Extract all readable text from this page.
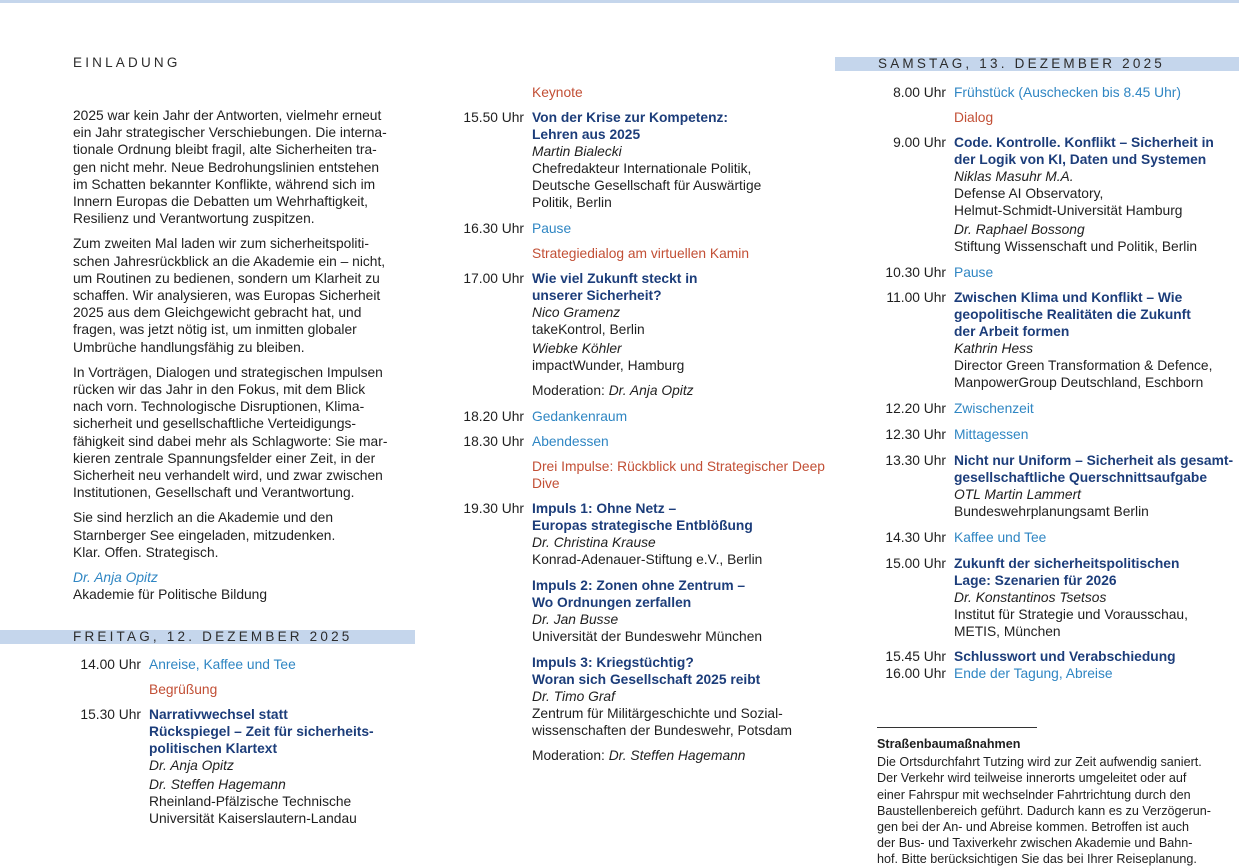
EINLADUNG

2025 war kein Jahr der Antworten, vielmehr erneut
ein Jahr strategischer Verschiebungen. Die interna-
tionale Ordnung bleibt fragil, alte Sicherheiten tra-
gen nicht mehr. Neue Bedrohungslinien entstehen
im Schatten bekannter Konflikte, während sich im
Innern Europas die Debatten um Wehrhaftigkeit,
Resilienz und Verantwortung zuspitzen.

Zum zweiten Mal laden wir zum sicherheitspoliti-
schen Jahresrückblick an die Akademie ein – nicht,
um Routinen zu bedienen, sondern um Klarheit zu
schaffen. Wir analysieren, was Europas Sicherheit
2025 aus dem Gleichgewicht gebracht hat, und
fragen, was jetzt nötig ist, um inmitten globaler
Umbrüche handlungsfähig zu bleiben.

In Vorträgen, Dialogen und strategischen Impulsen
rücken wir das Jahr in den Fokus, mit dem Blick
nach vorn. Technologische Disruptionen, Klima-
sicherheit und gesellschaftliche Verteidigungs-
fähigkeit sind dabei mehr als Schlagworte: Sie mar-
kieren zentrale Spannungsfelder einer Zeit, in der
Sicherheit neu verhandelt wird, und zwar zwischen
Institutionen, Gesellschaft und Verantwortung.

Sie sind herzlich an die Akademie und den
Starnberger See eingeladen, mitzudenken.
Klar. Offen. Strategisch.

Dr. Anja Opitz
Akademie für Politische Bildung
FREITAG, 12. DEZEMBER 2025
14.00 Uhr Anreise, Kaffee und Tee
Begrüßung
15.30 Uhr Narrativwechsel statt
Rückspiegel – Zeit für sicherheits-
politischen Klartext
Dr. Anja Opitz
Dr. Steffen Hagemann
Rheinland-Pfälzische Technische
Universität Kaiserslautern-Landau
Keynote
15.50 Uhr Von der Krise zur Kompetenz:
Lehren aus 2025
Martin Bialecki
Chefredakteur Internationale Politik,
Deutsche Gesellschaft für Auswärtige
Politik, Berlin
16.30 Uhr Pause
Strategiedialog am virtuellen Kamin
17.00 Uhr Wie viel Zukunft steckt in
unserer Sicherheit?
Nico Gramenz
takeKontrol, Berlin
Wiebke Köhler
impactWunder, Hamburg
Moderation: Dr. Anja Opitz
18.20 Uhr Gedankenraum
18.30 Uhr Abendessen
Drei Impulse: Rückblick und Strategischer Deep Dive
19.30 Uhr Impuls 1: Ohne Netz –
Europas strategische Entblößung
Dr. Christina Krause
Konrad-Adenauer-Stiftung e.V., Berlin
Impuls 2: Zonen ohne Zentrum –
Wo Ordnungen zerfallen
Dr. Jan Busse
Universität der Bundeswehr München
Impuls 3: Kriegstüchtig?
Woran sich Gesellschaft 2025 reibt
Dr. Timo Graf
Zentrum für Militärgeschichte und Sozial-
wissenschaften der Bundeswehr, Potsdam
Moderation: Dr. Steffen Hagemann
SAMSTAG, 13. DEZEMBER 2025
8.00 Uhr Frühstück (Auschecken bis 8.45 Uhr)
Dialog
9.00 Uhr Code. Kontrolle. Konflikt – Sicherheit in
der Logik von KI, Daten und Systemen
Niklas Masuhr M.A.
Defense AI Observatory,
Helmut-Schmidt-Universität Hamburg
Dr. Raphael Bossong
Stiftung Wissenschaft und Politik, Berlin
10.30 Uhr Pause
11.00 Uhr Zwischen Klima und Konflikt – Wie
geopolitische Realitäten die Zukunft
der Arbeit formen
Kathrin Hess
Director Green Transformation & Defence,
ManpowerGroup Deutschland, Eschborn
12.20 Uhr Zwischenzeit
12.30 Uhr Mittagessen
13.30 Uhr Nicht nur Uniform – Sicherheit als gesamt-
gesellschaftliche Querschnittsaufgabe
OTL Martin Lammert
Bundeswehrplanungsamt Berlin
14.30 Uhr Kaffee und Tee
15.00 Uhr Zukunft der sicherheitspolitischen
Lage: Szenarien für 2026
Dr. Konstantinos Tsetsos
Institut für Strategie und Vorausschau,
METIS, München
15.45 Uhr Schlusswort und Verabschiedung
16.00 Uhr Ende der Tagung, Abreise
Straßenbaumaßnahmen
Die Ortsdurchfahrt Tutzing wird zur Zeit aufwendig saniert.
Der Verkehr wird teilweise innerorts umgeleitet oder auf
einer Fahrspur mit wechselnder Fahrtrichtung durch den
Baustellenbereich geführt. Dadurch kann es zu Verzögerun-
gen bei der An- und Abreise kommen. Betroffen ist auch
der Bus- und Taxiverkehr zwischen Akademie und Bahn-
hof. Bitte berücksichtigen Sie das bei Ihrer Reiseplanung.
